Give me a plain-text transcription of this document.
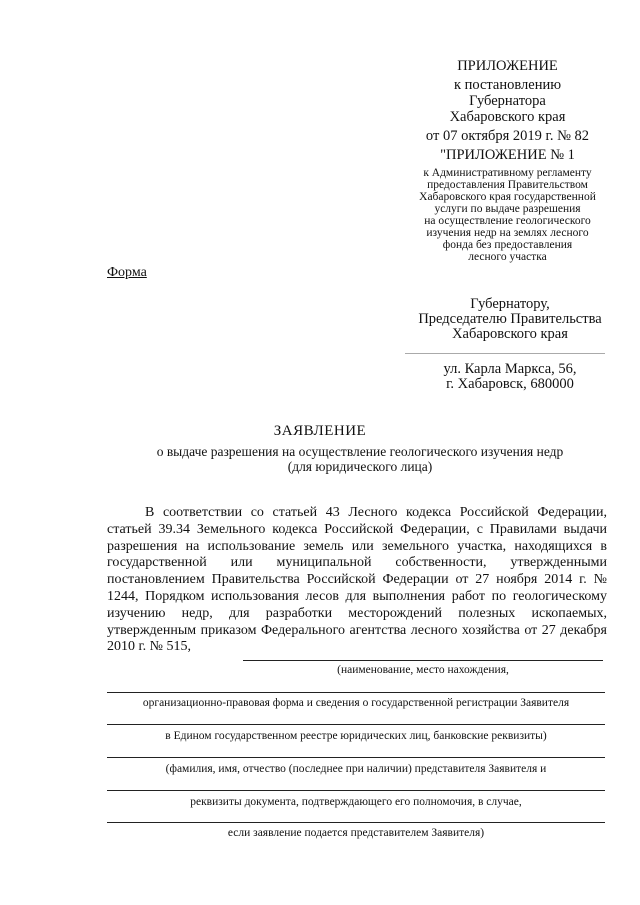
ПРИЛОЖЕНИЕ
к постановлению
Губернатора
Хабаровского края
от 07 октября 2019 г. № 82
"ПРИЛОЖЕНИЕ № 1
к Административному регламенту
предоставления Правительством
Хабаровского края государственной
услуги по выдаче разрешения
на осуществление геологического
изучения недр на землях лесного
фонда без предоставления
лесного участка
Форма
Губернатору,
Председателю Правительства
Хабаровского края
ул. Карла Маркса, 56,
г. Хабаровск, 680000
ЗАЯВЛЕНИЕ
о выдаче разрешения на осуществление геологического изучения недр
(для юридического лица)
В соответствии со статьей 43 Лесного кодекса Российской Федерации, статьей 39.34 Земельного кодекса Российской Федерации, с Правилами выдачи разрешения на использование земель или земельного участка, находящихся в государственной или муниципальной собственности, утвержденными постановлением Правительства Российской Федерации от 27 ноября 2014 г. № 1244, Порядком использования лесов для выполнения работ по геологическому изучению недр, для разработки месторождений полезных ископаемых, утвержденным приказом Федерального агентства лесного хозяйства от 27 декабря 2010 г. № 515,
(наименование, место нахождения,
организационно-правовая форма и сведения о государственной регистрации Заявителя
в Едином государственном реестре юридических лиц, банковские реквизиты)
(фамилия, имя, отчество (последнее при наличии) представителя Заявителя и
реквизиты документа, подтверждающего его полномочия, в случае,
если заявление подается представителем Заявителя)
